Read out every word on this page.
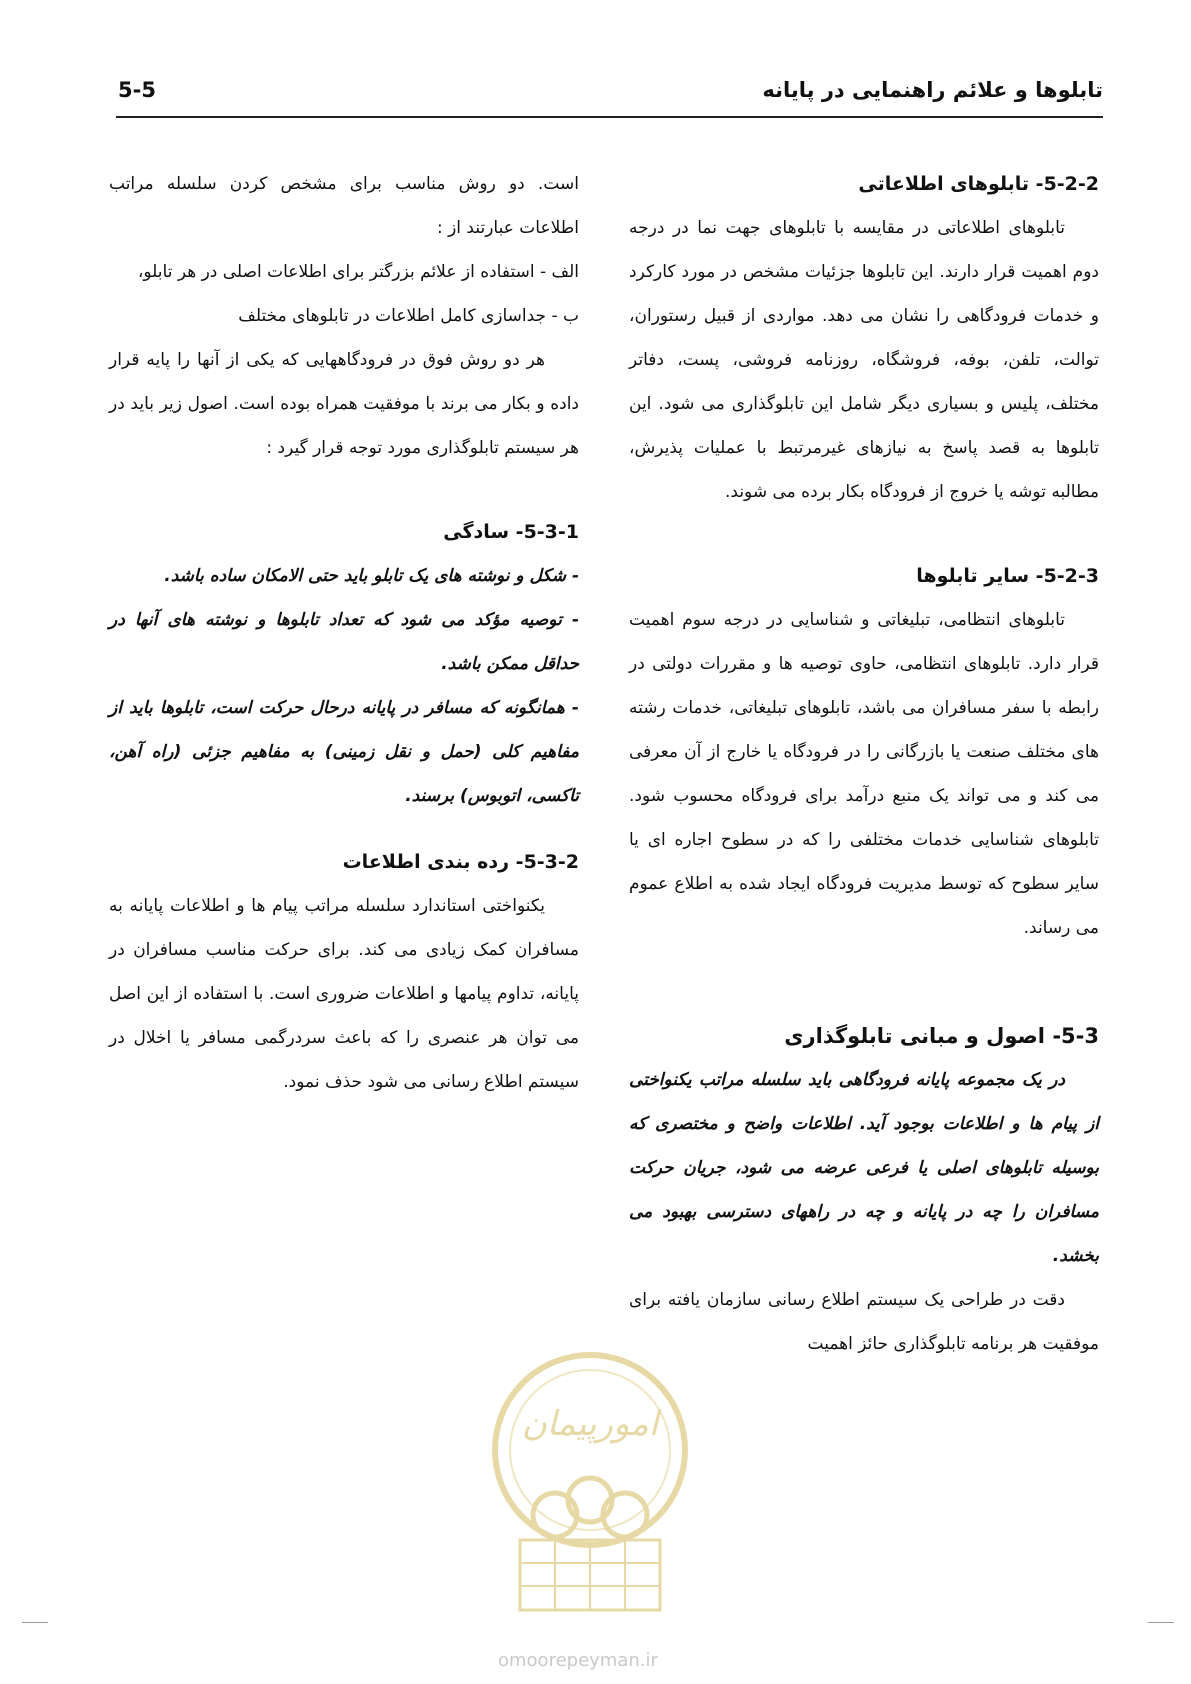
تابلوها و علائم راهنمایی در پایانه
5-5

5-2-2- تابلوهای اطلاعاتی

تابلوهای اطلاعاتی در مقایسه با تابلوهای جهت نما در درجه دوم اهمیت قرار دارند. این تابلوها جزئیات مشخص در مورد کارکرد و خدمات فرودگاهی را نشان می دهد. مواردی از قبیل رستوران، توالت، تلفن، بوفه، فروشگاه، روزنامه فروشی، پست، دفاتر مختلف، پلیس و بسیاری دیگر شامل این تابلوگذاری می شود. این تابلوها به قصد پاسخ به نیازهای غیرمرتبط با عملیات پذیرش، مطالبه توشه یا خروج از فرودگاه بکار برده می شوند.

5-2-3- سایر تابلوها

تابلوهای انتظامی، تبلیغاتی و شناسایی در درجه سوم اهمیت قرار دارد. تابلوهای انتظامی، حاوی توصیه ها و مقررات دولتی در رابطه با سفر مسافران می باشد، تابلوهای تبلیغاتی، خدمات رشته های مختلف صنعت یا بازرگانی را در فرودگاه یا خارج از آن معرفی می کند و می تواند یک منبع درآمد برای فرودگاه محسوب شود. تابلوهای شناسایی خدمات مختلفی را که در سطوح اجاره ای یا سایر سطوح که توسط مدیریت فرودگاه ایجاد شده به اطلاع عموم می رساند.

5-3- اصول و مبانی تابلوگذاری

در یک مجموعه پایانه فرودگاهی باید سلسله مراتب یکنواختی از پیام ها و اطلاعات بوجود آید. اطلاعات واضح و مختصری که بوسیله تابلوهای اصلی یا فرعی عرضه می شود، جریان حرکت مسافران را چه در پایانه و چه در راههای دسترسی بهبود می بخشد.

دقت در طراحی یک سیستم اطلاع رسانی سازمان یافته برای موفقیت هر برنامه تابلوگذاری حائز اهمیت

است. دو روش مناسب برای مشخص کردن سلسله مراتب اطلاعات عبارتند از :

الف - استفاده از علائم بزرگتر برای اطلاعات اصلی در هر تابلو،

ب - جداسازی کامل اطلاعات در تابلوهای مختلف

هر دو روش فوق در فرودگاههایی که یکی از آنها را پایه قرار داده و بکار می برند با موفقیت همراه بوده است. اصول زیر باید در هر سیستم تابلوگذاری مورد توجه قرار گیرد :

5-3-1- سادگی

- شکل و نوشته های یک تابلو باید حتی الامکان ساده باشد.

- توصیه مؤکد می شود که تعداد تابلوها و نوشته های آنها در حداقل ممکن باشد.

- همانگونه که مسافر در پایانه درحال حرکت است، تابلوها باید از مفاهیم کلی (حمل و نقل زمینی) به مفاهیم جزئی (راه آهن، تاکسی، اتوبوس) برسند.

5-3-2- رده بندی اطلاعات

یکنواختی استاندارد سلسله مراتب پیام ها و اطلاعات پایانه به مسافران کمک زیادی می کند. برای حرکت مناسب مسافران در پایانه، تداوم پیامها و اطلاعات ضروری است. با استفاده از این اصل می توان هر عنصری را که باعث سردرگمی مسافر یا اخلال در سیستم اطلاع رسانی می شود حذف نمود.

امورپیمان
omoorepeyman.ir
